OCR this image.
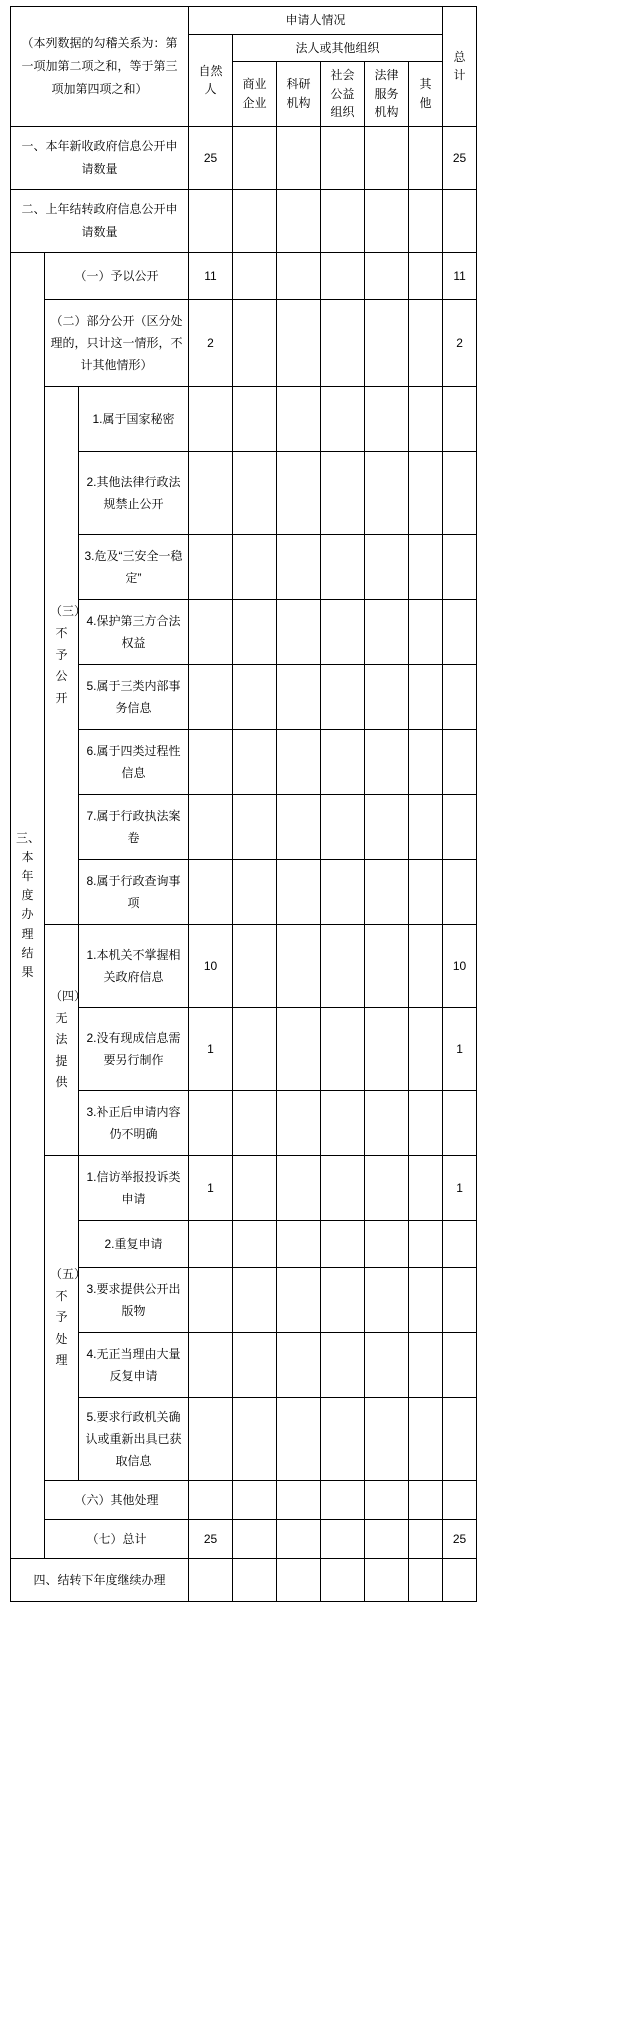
（本列数据的勾稽关系为：第一项加第二项之和，等于第三项加第四项之和）			申请人情况						总计
			自然人	法人或其他组织					
				商业企业	科研机构	社会公益组织	法律服务机构	其他	
一、本年新收政府信息公开申请数量			25						25
二、上年结转政府信息公开申请数量									
三、本年度办理结果	（一）予以公开		11						11
	（二）部分公开（区分处理的，只计这一情形，不计其他情形）		2						2
	（三）不予公开	1.属于国家秘密							
		2.其他法律行政法规禁止公开							
		3.危及“三安全一稳定”							
		4.保护第三方合法权益							
		5.属于三类内部事务信息							
		6.属于四类过程性信息							
		7.属于行政执法案卷							
		8.属于行政查询事项							
	（四）无法提供	1.本机关不掌握相关政府信息	10						10
		2.没有现成信息需要另行制作	1						1
		3.补正后申请内容仍不明确							
	（五）不予处理	1.信访举报投诉类申请	1						1
		2.重复申请							
		3.要求提供公开出版物							
		4.无正当理由大量反复申请							
		5.要求行政机关确认或重新出具已获取信息							
	（六）其他处理								
	（七）总计		25						25
四、结转下年度继续办理									
